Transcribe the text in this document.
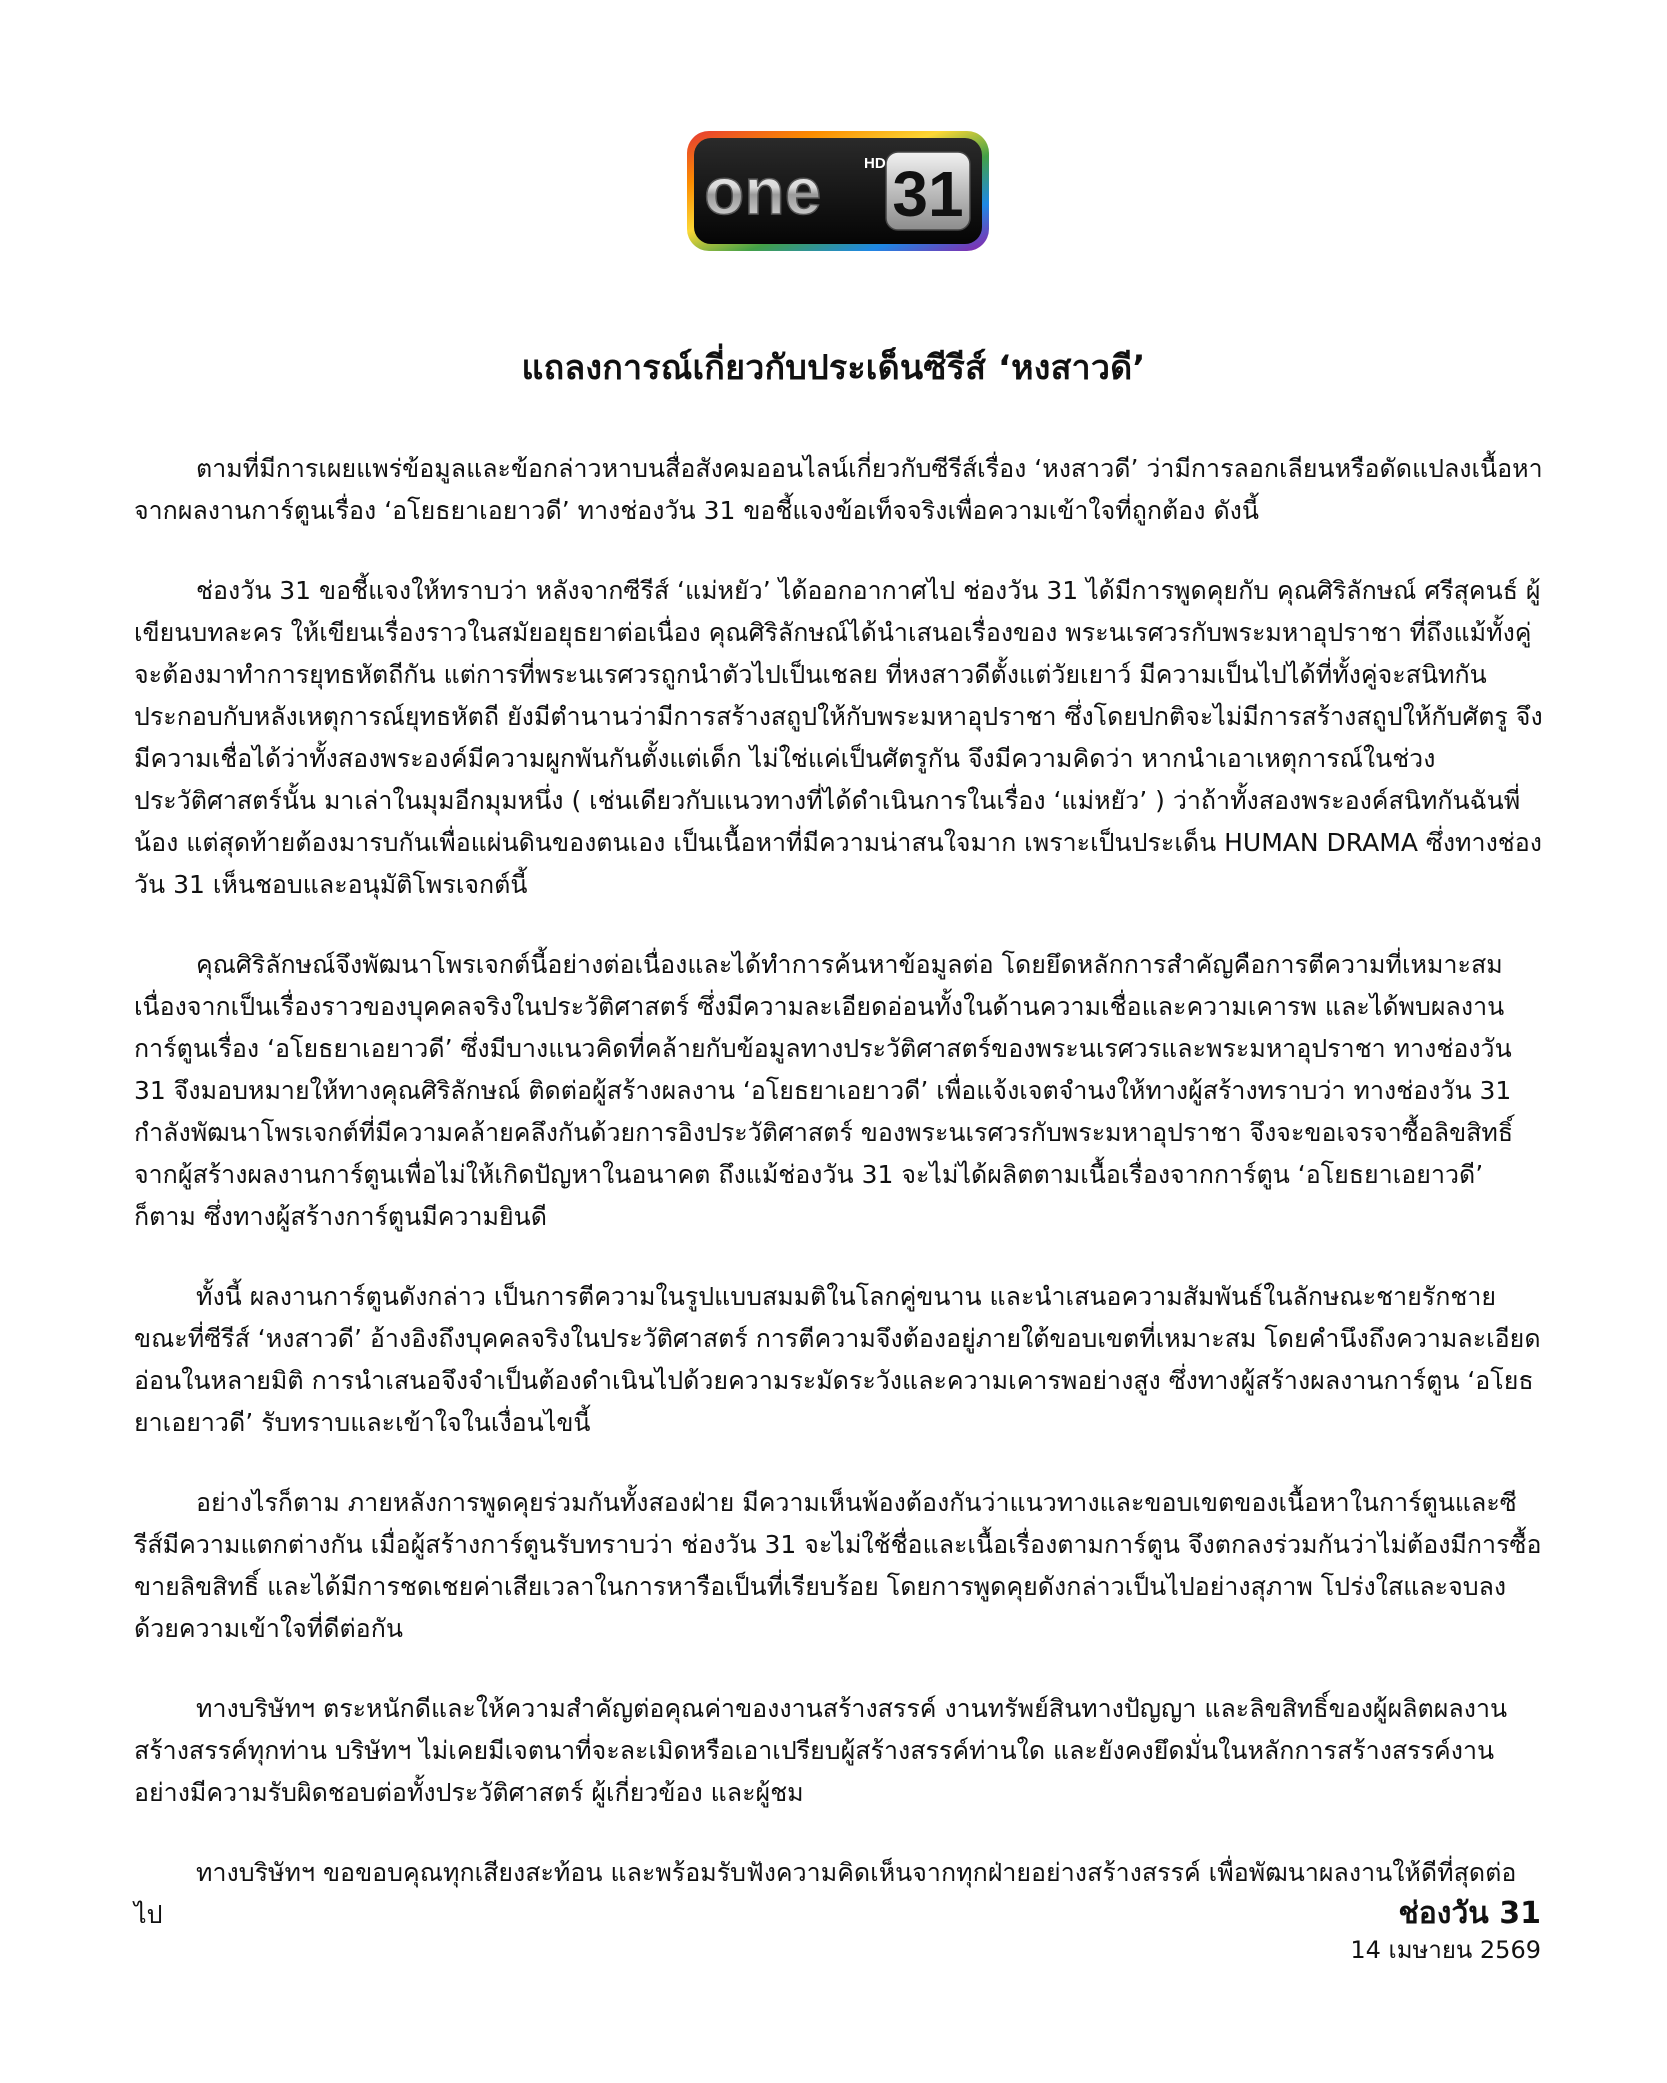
one	HD 31
แถลงการณ์เกี่ยวกับประเด็นซีรีส์ ‘หงสาวดี’

ตามที่มีการเผยแพร่ข้อมูลและข้อกล่าวหาบนสื่อสังคมออนไลน์เกี่ยวกับซีรีส์เรื่อง ‘หงสาวดี’ ว่ามีการลอกเลียนหรือดัดแปลงเนื้อหาจากผลงานการ์ตูนเรื่อง ‘อโยธยาเอยาวดี’ ทางช่องวัน 31 ขอชี้แจงข้อเท็จจริงเพื่อความเข้าใจที่ถูกต้อง ดังนี้

ช่องวัน 31 ขอชี้แจงให้ทราบว่า หลังจากซีรีส์ ‘แม่หยัว’ ได้ออกอากาศไป ช่องวัน 31 ได้มีการพูดคุยกับ คุณศิริลักษณ์ ศรีสุคนธ์ ผู้เขียนบทละคร ให้เขียนเรื่องราวในสมัยอยุธยาต่อเนื่อง คุณศิริลักษณ์ได้นำเสนอเรื่องของ พระนเรศวรกับพระมหาอุปราชา ที่ถึงแม้ทั้งคู่จะต้องมาทำการยุทธหัตถีกัน แต่การที่พระนเรศวรถูกนำตัวไปเป็นเชลย ที่หงสาวดีตั้งแต่วัยเยาว์ มีความเป็นไปได้ที่ทั้งคู่จะสนิทกัน ประกอบกับหลังเหตุการณ์ยุทธหัตถี ยังมีตำนานว่ามีการสร้างสถูปให้กับพระมหาอุปราชา ซึ่งโดยปกติจะไม่มีการสร้างสถูปให้กับศัตรู จึงมีความเชื่อได้ว่าทั้งสองพระองค์มีความผูกพันกันตั้งแต่เด็ก ไม่ใช่แค่เป็นศัตรูกัน จึงมีความคิดว่า หากนำเอาเหตุการณ์ในช่วงประวัติศาสตร์นั้น มาเล่าในมุมอีกมุมหนึ่ง ( เช่นเดียวกับแนวทางที่ได้ดำเนินการในเรื่อง ‘แม่หยัว’ ) ว่าถ้าทั้งสองพระองค์สนิทกันฉันพี่น้อง แต่สุดท้ายต้องมารบกันเพื่อแผ่นดินของตนเอง เป็นเนื้อหาที่มีความน่าสนใจมาก เพราะเป็นประเด็น HUMAN DRAMA ซึ่งทางช่องวัน 31 เห็นชอบและอนุมัติโพรเจกต์นี้

คุณศิริลักษณ์จึงพัฒนาโพรเจกต์นี้อย่างต่อเนื่องและได้ทำการค้นหาข้อมูลต่อ โดยยึดหลักการสำคัญคือการตีความที่เหมาะสม เนื่องจากเป็นเรื่องราวของบุคคลจริงในประวัติศาสตร์ ซึ่งมีความละเอียดอ่อนทั้งในด้านความเชื่อและความเคารพ และได้พบผลงานการ์ตูนเรื่อง ‘อโยธยาเอยาวดี’ ซึ่งมีบางแนวคิดที่คล้ายกับข้อมูลทางประวัติศาสตร์ของพระนเรศวรและพระมหาอุปราชา ทางช่องวัน 31 จึงมอบหมายให้ทางคุณศิริลักษณ์ ติดต่อผู้สร้างผลงาน ‘อโยธยาเอยาวดี’ เพื่อแจ้งเจตจำนงให้ทางผู้สร้างทราบว่า ทางช่องวัน 31 กำลังพัฒนาโพรเจกต์ที่มีความคล้ายคลึงกันด้วยการอิงประวัติศาสตร์ ของพระนเรศวรกับพระมหาอุปราชา จึงจะขอเจรจาซื้อลิขสิทธิ์จากผู้สร้างผลงานการ์ตูนเพื่อไม่ให้เกิดปัญหาในอนาคต ถึงแม้ช่องวัน 31 จะไม่ได้ผลิตตามเนื้อเรื่องจากการ์ตูน ‘อโยธยาเอยาวดี’ ก็ตาม ซึ่งทางผู้สร้างการ์ตูนมีความยินดี

ทั้งนี้ ผลงานการ์ตูนดังกล่าว เป็นการตีความในรูปแบบสมมติในโลกคู่ขนาน และนำเสนอความสัมพันธ์ในลักษณะชายรักชาย ขณะที่ซีรีส์ ‘หงสาวดี’ อ้างอิงถึงบุคคลจริงในประวัติศาสตร์ การตีความจึงต้องอยู่ภายใต้ขอบเขตที่เหมาะสม โดยคำนึงถึงความละเอียดอ่อนในหลายมิติ การนำเสนอจึงจำเป็นต้องดำเนินไปด้วยความระมัดระวังและความเคารพอย่างสูง ซึ่งทางผู้สร้างผลงานการ์ตูน ‘อโยธยาเอยาวดี’ รับทราบและเข้าใจในเงื่อนไขนี้

อย่างไรก็ตาม ภายหลังการพูดคุยร่วมกันทั้งสองฝ่าย มีความเห็นพ้องต้องกันว่าแนวทางและขอบเขตของเนื้อหาในการ์ตูนและซีรีส์มีความแตกต่างกัน เมื่อผู้สร้างการ์ตูนรับทราบว่า ช่องวัน 31 จะไม่ใช้ชื่อและเนื้อเรื่องตามการ์ตูน จึงตกลงร่วมกันว่าไม่ต้องมีการซื้อขายลิขสิทธิ์ และได้มีการชดเชยค่าเสียเวลาในการหารือเป็นที่เรียบร้อย โดยการพูดคุยดังกล่าวเป็นไปอย่างสุภาพ โปร่งใสและจบลงด้วยความเข้าใจที่ดีต่อกัน

ทางบริษัทฯ ตระหนักดีและให้ความสำคัญต่อคุณค่าของงานสร้างสรรค์ งานทรัพย์สินทางปัญญา และลิขสิทธิ์ของผู้ผลิตผลงานสร้างสรรค์ทุกท่าน บริษัทฯ ไม่เคยมีเจตนาที่จะละเมิดหรือเอาเปรียบผู้สร้างสรรค์ท่านใด และยังคงยึดมั่นในหลักการสร้างสรรค์งานอย่างมีความรับผิดชอบต่อทั้งประวัติศาสตร์ ผู้เกี่ยวข้อง และผู้ชม

ทางบริษัทฯ ขอขอบคุณทุกเสียงสะท้อน และพร้อมรับฟังความคิดเห็นจากทุกฝ่ายอย่างสร้างสรรค์ เพื่อพัฒนาผลงานให้ดีที่สุดต่อไป	ช่องวัน 31
14 เมษายน 2569
